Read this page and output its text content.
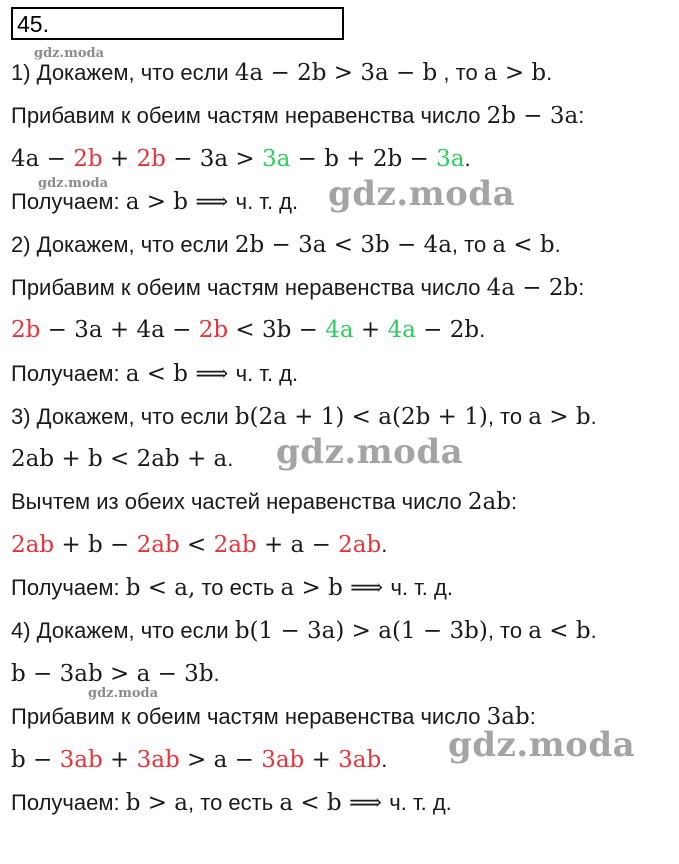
45.
1) Докажем, что если 4a − 2b > 3a − b , то a > b.
Прибавим к обеим частям неравенства число 2b − 3a:
4a − 2b + 2b − 3a > 3a − b + 2b − 3a.
Получаем: a > b ⟹ ч. т. д.
2) Докажем, что если 2b − 3a < 3b − 4a, то a < b.
Прибавим к обеим частям неравенства число 4a − 2b:
2b − 3a + 4a − 2b < 3b − 4a + 4a − 2b.
Получаем: a < b ⟹ ч. т. д.
3) Докажем, что если b(2a + 1) < a(2b + 1), то a > b.
2ab + b < 2ab + a.
Вычтем из обеих частей неравенства число 2ab:
2ab + b − 2ab < 2ab + a − 2ab.
Получаем: b < a, то есть a > b ⟹ ч. т. д.
4) Докажем, что если b(1 − 3a) > a(1 − 3b), то a < b.
b − 3ab > a − 3b.
Прибавим к обеим частям неравенства число 3ab:
b − 3ab + 3ab > a − 3ab + 3ab.
Получаем: b > a, то есть a < b ⟹ ч. т. д.
gdz.moda
gdz.moda
gdz.moda
gdz.moda
gdz.moda
gdz.moda
